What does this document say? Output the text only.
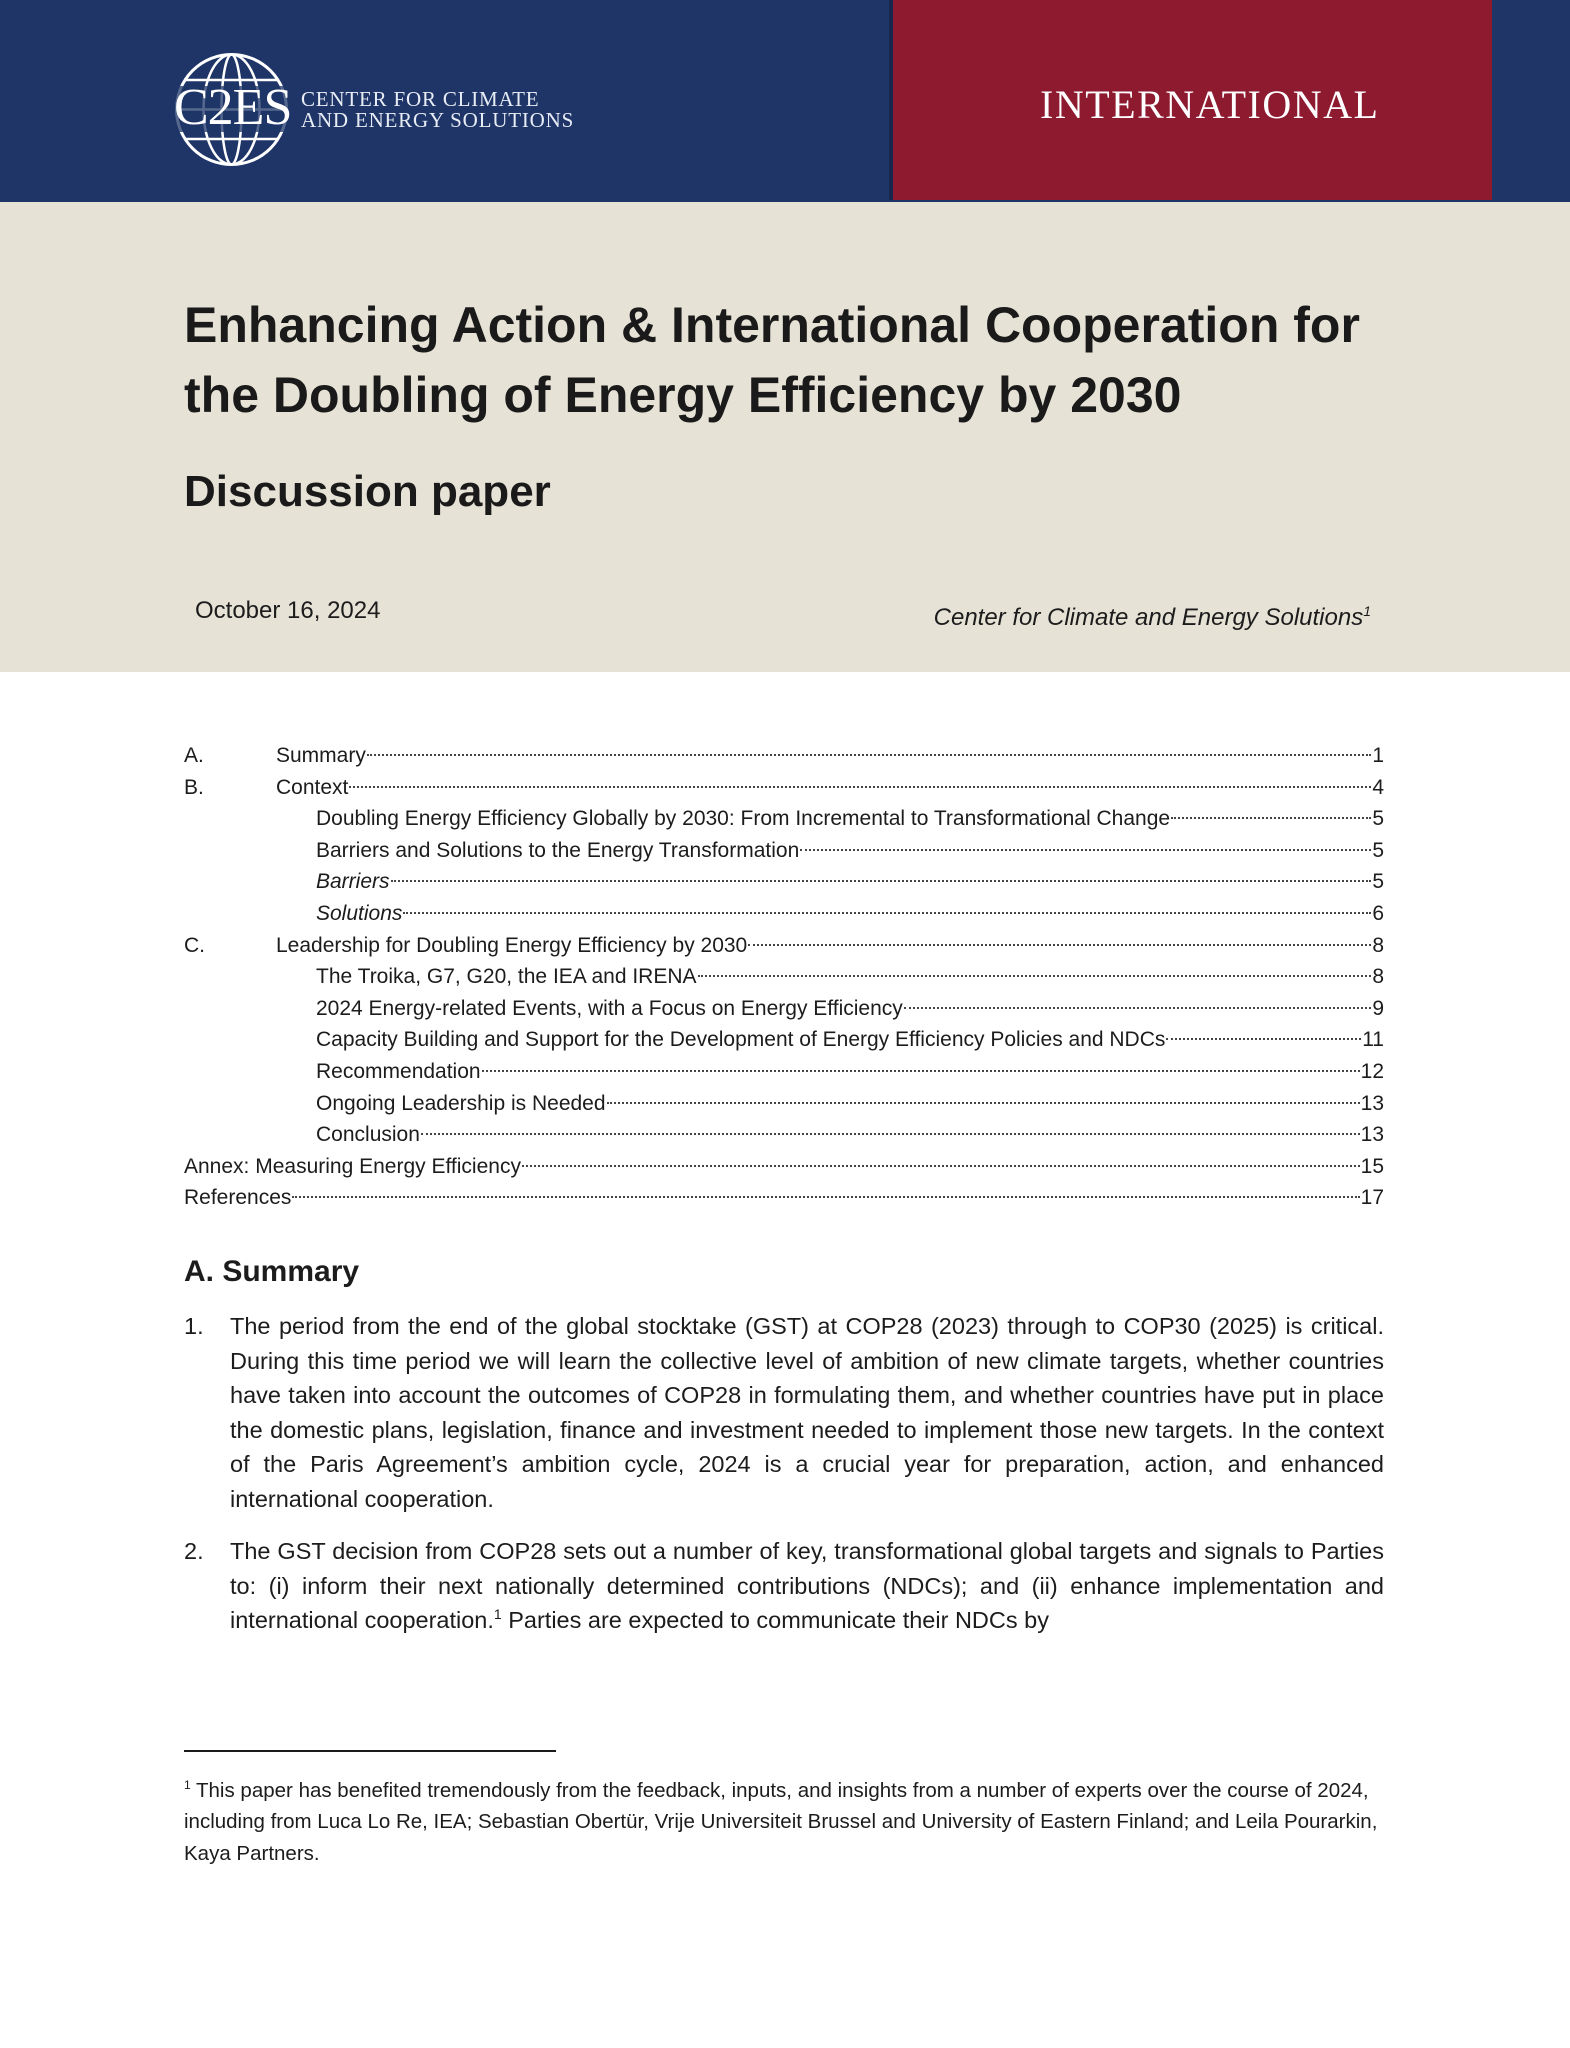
C2ES CENTER FOR CLIMATE
AND ENERGY SOLUTIONS	INTERNATIONAL
Enhancing Action & International Cooperation for
the Doubling of Energy Efficiency by 2030
Discussion paper
October 16, 2024	Center for Climate and Energy Solutions$^1$
A.	Summary	1
B.	Context	4
Doubling Energy Efficiency Globally by 2030: From Incremental to Transformational Change	5
Barriers and Solutions to the Energy Transformation	5
Barriers	5
Solutions	6
C.	Leadership for Doubling Energy Efficiency by 2030	8
The Troika, G7, G20, the IEA and IRENA	8
2024 Energy-related Events, with a Focus on Energy Efficiency	9
Capacity Building and Support for the Development of Energy Efficiency Policies and NDCs	11
Recommendation	12
Ongoing Leadership is Needed	13
Conclusion	13
Annex: Measuring Energy Efficiency	15
References	17
A. Summary
1. The period from the end of the global stocktake (GST) at COP28 (2023) through to COP30 (2025) is critical. During this time period we will learn the collective level of ambition of new climate targets, whether countries have taken into account the outcomes of COP28 in formulating them, and whether countries have put in place the domestic plans, legislation, finance and investment needed to implement those new targets. In the context of the Paris Agreement’s ambition cycle, 2024 is a crucial year for preparation, action, and enhanced international cooperation.
2. The GST decision from COP28 sets out a number of key, transformational global targets and signals to Parties to: (i) inform their next nationally determined contributions (NDCs); and (ii) enhance implementation and international cooperation.$^1$ Parties are expected to communicate their NDCs by
$^1$ This paper has benefited tremendously from the feedback, inputs, and insights from a number of experts over the course of 2024, including from Luca Lo Re, IEA; Sebastian Obertür, Vrije Universiteit Brussel and University of Eastern Finland; and Leila Pourarkin, Kaya Partners.
